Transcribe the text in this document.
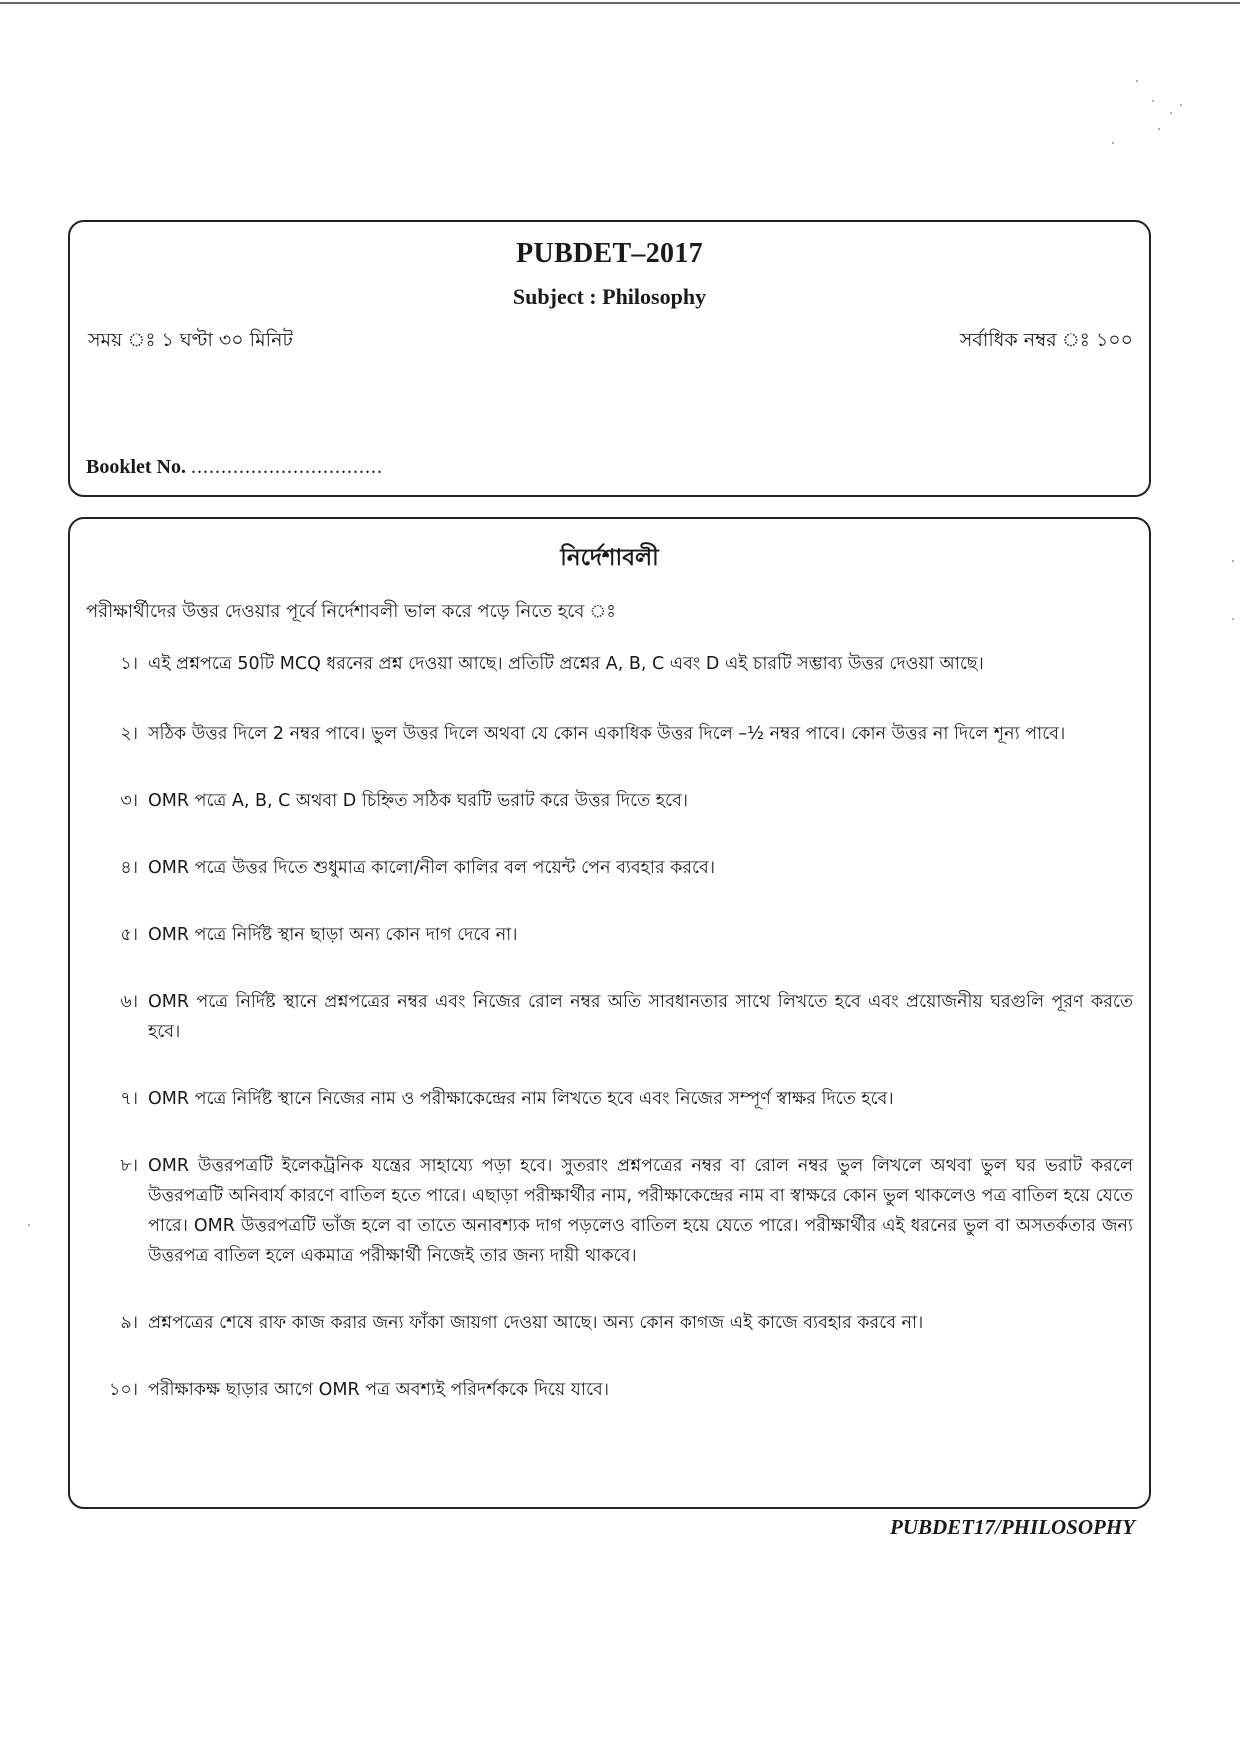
PUBDET–2017
Subject : Philosophy
সময় ঃ ১ ঘণ্টা ৩০ মিনিট	সর্বাধিক নম্বর ঃ ১০০
Booklet No. ................................
নির্দেশাবলী
পরীক্ষার্থীদের উত্তর দেওয়ার পূর্বে নির্দেশাবলী ভাল করে পড়ে নিতে হবে ঃ
১। এই প্রশ্নপত্রে 50টি MCQ ধরনের প্রশ্ন দেওয়া আছে। প্রতিটি প্রশ্নের A, B, C এবং D এই চারটি সম্ভাব্য উত্তর দেওয়া আছে।
২। সঠিক উত্তর দিলে 2 নম্বর পাবে। ভুল উত্তর দিলে অথবা যে কোন একাধিক উত্তর দিলে –½ নম্বর পাবে। কোন উত্তর না দিলে শূন্য পাবে।
৩। OMR পত্রে A, B, C অথবা D চিহ্নিত সঠিক ঘরটি ভরাট করে উত্তর দিতে হবে।
৪। OMR পত্রে উত্তর দিতে শুধুমাত্র কালো/নীল কালির বল পয়েন্ট পেন ব্যবহার করবে।
৫। OMR পত্রে নির্দিষ্ট স্থান ছাড়া অন্য কোন দাগ দেবে না।
৬। OMR পত্রে নির্দিষ্ট স্থানে প্রশ্নপত্রের নম্বর এবং নিজের রোল নম্বর অতি সাবধানতার সাথে লিখতে হবে এবং প্রয়োজনীয় ঘরগুলি পূরণ করতে হবে।
৭। OMR পত্রে নির্দিষ্ট স্থানে নিজের নাম ও পরীক্ষাকেন্দ্রের নাম লিখতে হবে এবং নিজের সম্পূর্ণ স্বাক্ষর দিতে হবে।
৮। OMR উত্তরপত্রটি ইলেকট্রনিক যন্ত্রের সাহায্যে পড়া হবে। সুতরাং প্রশ্নপত্রের নম্বর বা রোল নম্বর ভুল লিখলে অথবা ভুল ঘর ভরাট করলে উত্তরপত্রটি অনিবার্য কারণে বাতিল হতে পারে। এছাড়া পরীক্ষার্থীর নাম, পরীক্ষাকেন্দ্রের নাম বা স্বাক্ষরে কোন ভুল থাকলেও পত্র বাতিল হয়ে যেতে পারে। OMR উত্তরপত্রটি ভাঁজ হলে বা তাতে অনাবশ্যক দাগ পড়লেও বাতিল হয়ে যেতে পারে। পরীক্ষার্থীর এই ধরনের ভুল বা অসতর্কতার জন্য উত্তরপত্র বাতিল হলে একমাত্র পরীক্ষার্থী নিজেই তার জন্য দায়ী থাকবে।
৯। প্রশ্নপত্রের শেষে রাফ কাজ করার জন্য ফাঁকা জায়গা দেওয়া আছে। অন্য কোন কাগজ এই কাজে ব্যবহার করবে না।
১০। পরীক্ষাকক্ষ ছাড়ার আগে OMR পত্র অবশ্যই পরিদর্শককে দিয়ে যাবে।
PUBDET17/PHILOSOPHY
